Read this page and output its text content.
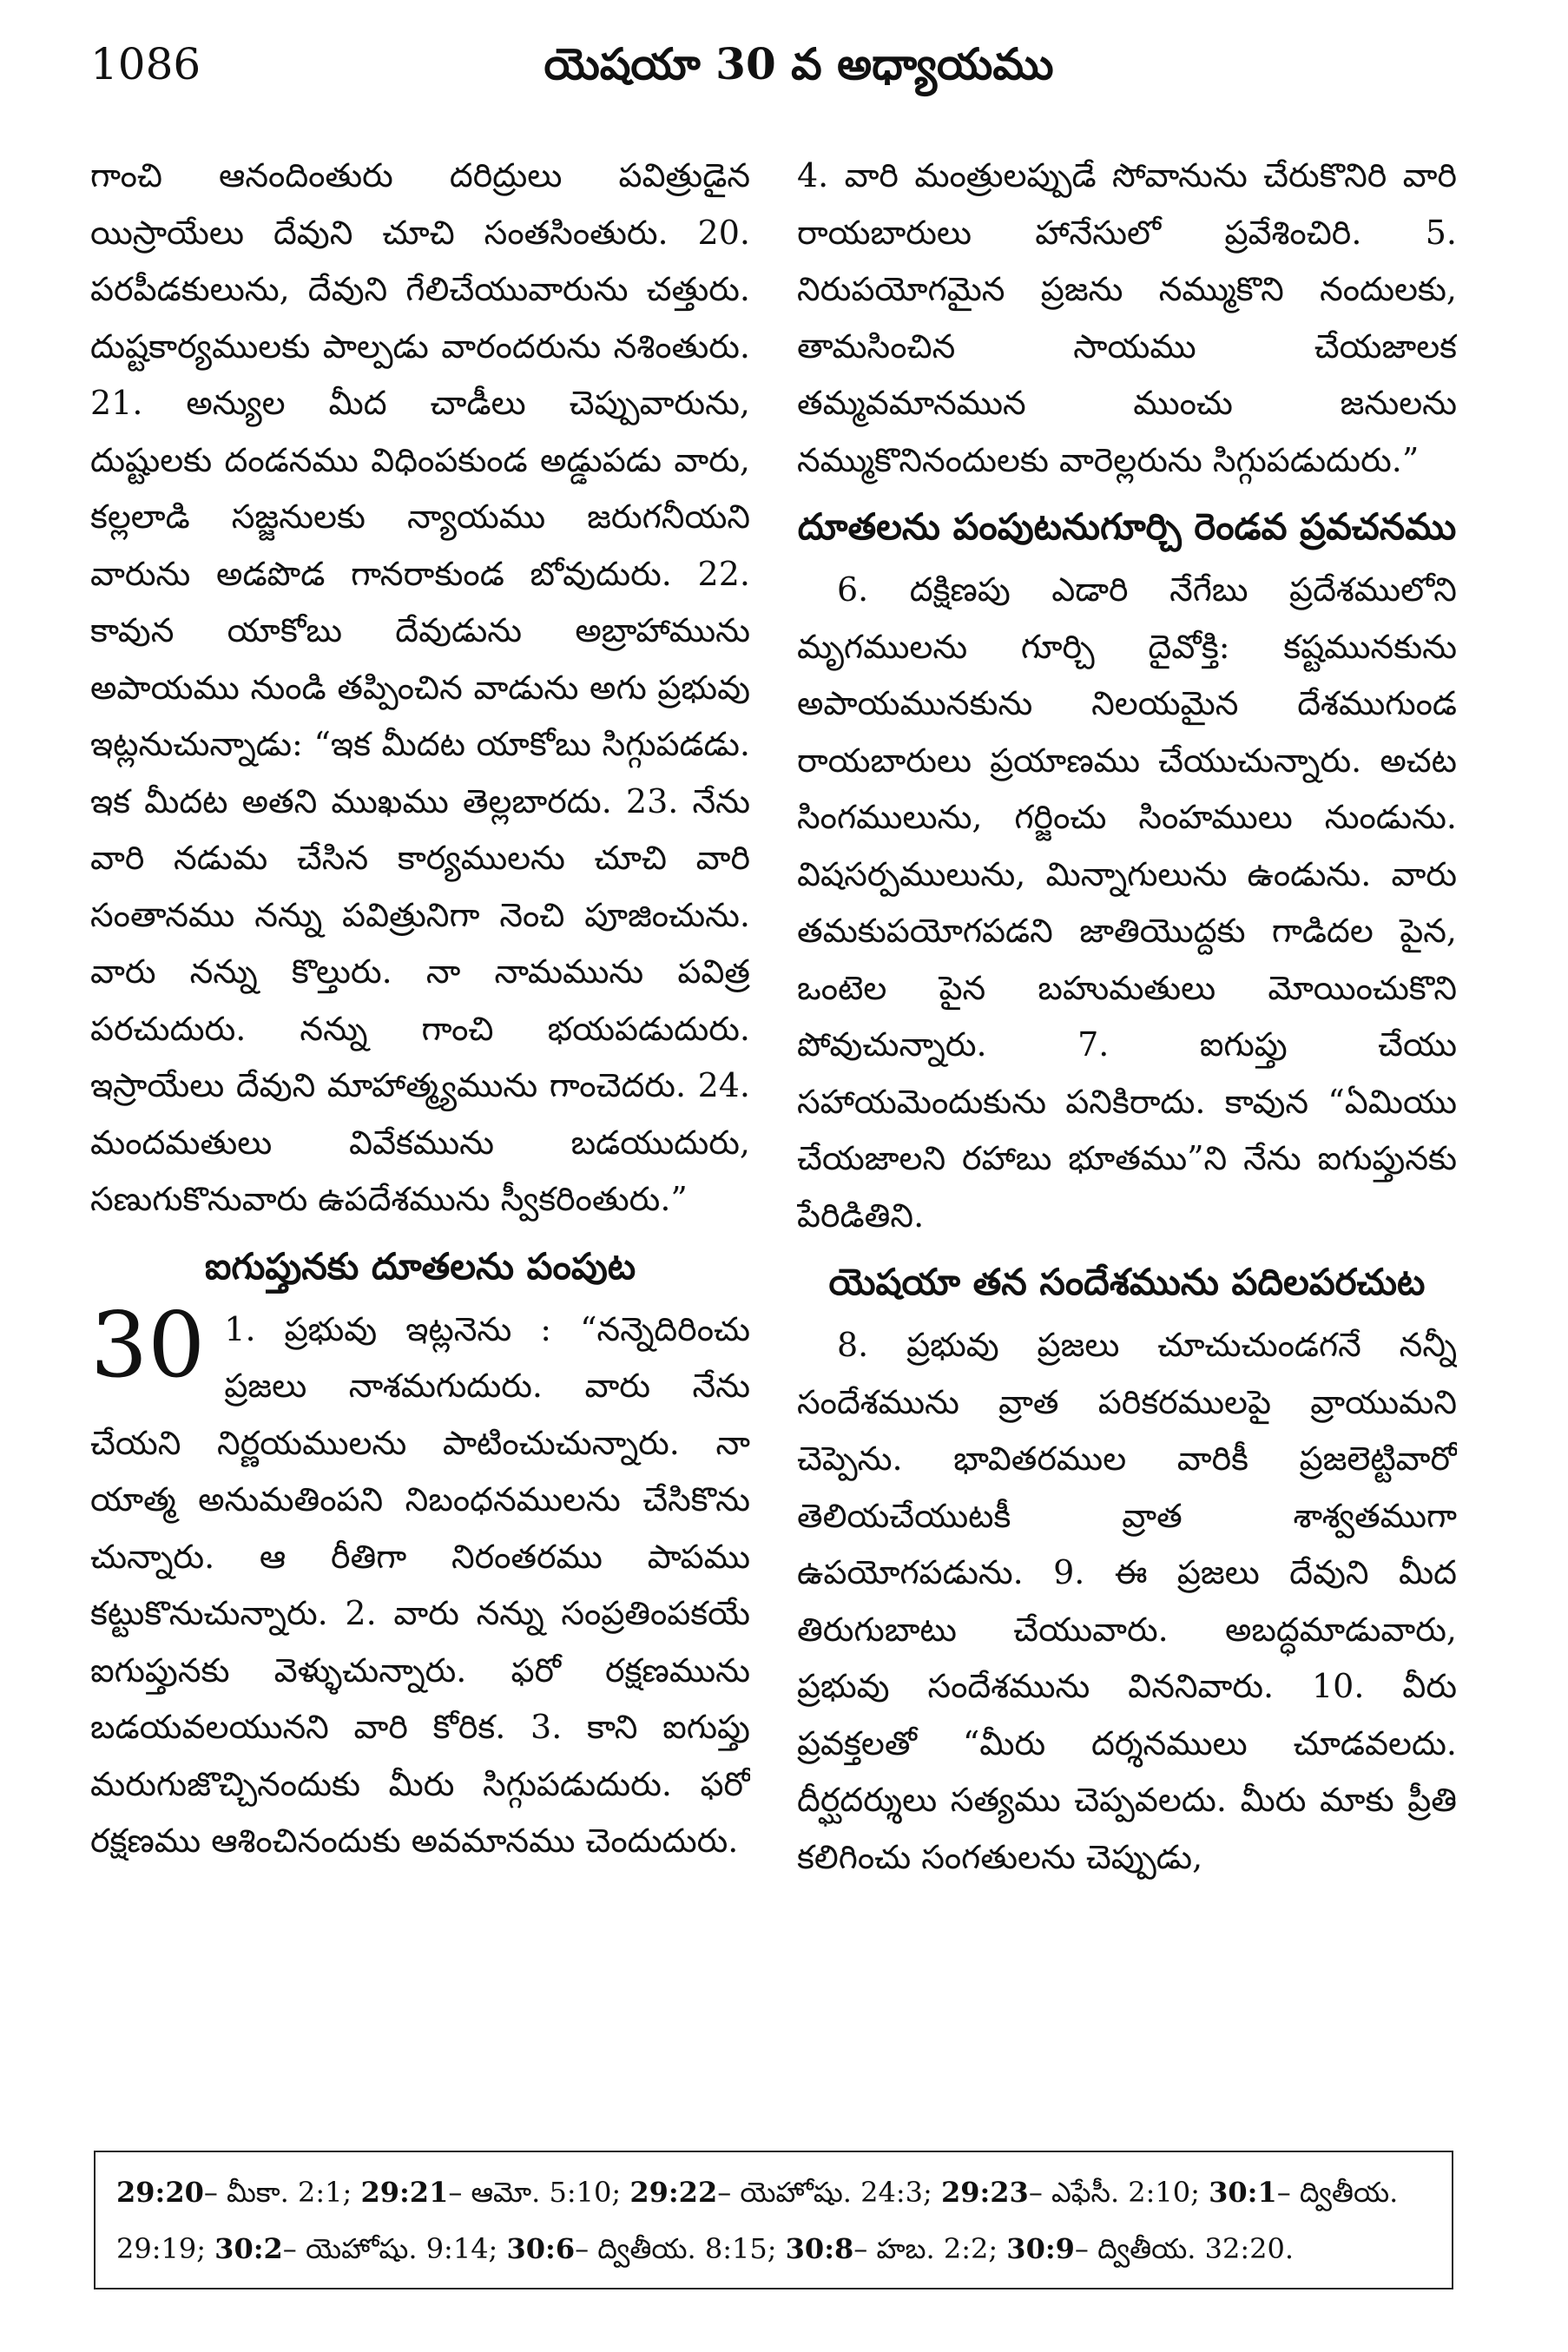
1086	యెషయా 30 వ అధ్యాయము

గాంచి ఆనందింతురు దరిద్రులు పవిత్రుడైన యిస్రాయేలు దేవుని చూచి సంతసింతురు. 20. పరపీడకులును, దేవుని గేలిచేయువారును చత్తురు. దుష్టకార్యములకు పాల్పడు వారందరును నశింతురు. 21. అన్యుల మీద చాడీలు చెప్పువారును, దుష్టులకు దండనము విధింపకుండ అడ్డుపడు వారు, కల్లలాడి సజ్జనులకు న్యాయము జరుగనీయని వారును అడపొడ గానరాకుండ బోవుదురు. 22. కావున యాకోబు దేవుడును అబ్రాహామును అపాయము నుండి తప్పించిన వాడును అగు ప్రభువు ఇట్లనుచున్నాడు: “ఇక మీదట యాకోబు సిగ్గుపడడు. ఇక మీదట అతని ముఖము తెల్లబారదు. 23. నేను వారి నడుమ చేసిన కార్యములను చూచి వారి సంతానము నన్ను పవిత్రునిగా నెంచి పూజించును. వారు నన్ను కొల్తురు. నా నామమును పవిత్ర పరచుదురు. నన్ను గాంచి భయపడుదురు. ఇస్రాయేలు దేవుని మాహాత్మ్యమును గాంచెదరు. 24. మందమతులు వివేకమును బడయుదురు, సణుగుకొనువారు ఉపదేశమును స్వీకరింతురు.”

ఐగుప్తునకు దూతలను పంపుట
30 1. ప్రభువు ఇట్లనెను : “నన్నెదిరించు ప్రజలు నాశమగుదురు. వారు నేను చేయని నిర్ణయములను పాటించుచున్నారు. నా యాత్మ అనుమతింపని నిబంధనములను చేసికొను చున్నారు. ఆ రీతిగా నిరంతరము పాపము కట్టుకొనుచున్నారు. 2. వారు నన్ను సంప్రతింపకయే ఐగుప్తునకు వెళ్ళుచున్నారు. ఫరో రక్షణమును బడయవలయునని వారి కోరిక. 3. కాని ఐగుప్తు మరుగుజొచ్చినందుకు మీరు సిగ్గుపడుదురు. ఫరో రక్షణము ఆశించినందుకు అవమానము చెందుదురు.

4. వారి మంత్రులప్పుడే సోవానును చేరుకొనిరి వారి రాయబారులు హానేసులో ప్రవేశించిరి. 5. నిరుపయోగమైన ప్రజను నమ్ముకొని నందులకు, తామసించిన సాయము చేయజాలక తమ్మవమానమున ముంచు జనులను నమ్ముకొనినందులకు వారెల్లరును సిగ్గుపడుదురు.”

దూతలను పంపుటనుగూర్చి రెండవ ప్రవచనము

6. దక్షిణపు ఎడారి నేగేబు ప్రదేశములోని మృగములను గూర్చి దైవోక్తి: కష్టమునకును అపాయమునకును నిలయమైన దేశముగుండ రాయబారులు ప్రయాణము చేయుచున్నారు. అచట సింగములును, గర్జించు సింహములు నుండును. విషసర్పములును, మిన్నాగులును ఉండును. వారు తమకుపయోగపడని జాతియొద్దకు గాడిదల పైన, ఒంటెల పైన బహుమతులు మోయించుకొని పోవుచున్నారు. 7. ఐగుప్తు చేయు సహాయమెందుకును పనికిరాదు. కావున “ఏమియు చేయజాలని రహాబు భూతము”ని నేను ఐగుప్తునకు పేరిడితిని.

యెషయా తన సందేశమును పదిలపరచుట

8. ప్రభువు ప్రజలు చూచుచుండగనే నన్నీ సందేశమును వ్రాత పరికరములపై వ్రాయుమని చెప్పెను. భావితరముల వారికీ ప్రజలెట్టివారో తెలియచేయుటకీ వ్రాత శాశ్వతముగా ఉపయోగపడును. 9. ఈ ప్రజలు దేవుని మీద తిరుగుబాటు చేయువారు. అబద్ధమాడువారు, ప్రభువు సందేశమును విననివారు. 10. వీరు ప్రవక్తలతో “మీరు దర్శనములు చూడవలదు. దీర్ఘదర్శులు సత్యము చెప్పవలదు. మీరు మాకు ప్రీతి కలిగించు సంగతులను చెప్పుడు,

29:20– మీకా. 2:1; 29:21– ఆమో. 5:10; 29:22– యెహోషు. 24:3; 29:23– ఎఫేసీ. 2:10; 30:1– ద్వితీయ. 29:19; 30:2– యెహోషు. 9:14; 30:6– ద్వితీయ. 8:15; 30:8– హబ. 2:2; 30:9– ద్వితీయ. 32:20.
